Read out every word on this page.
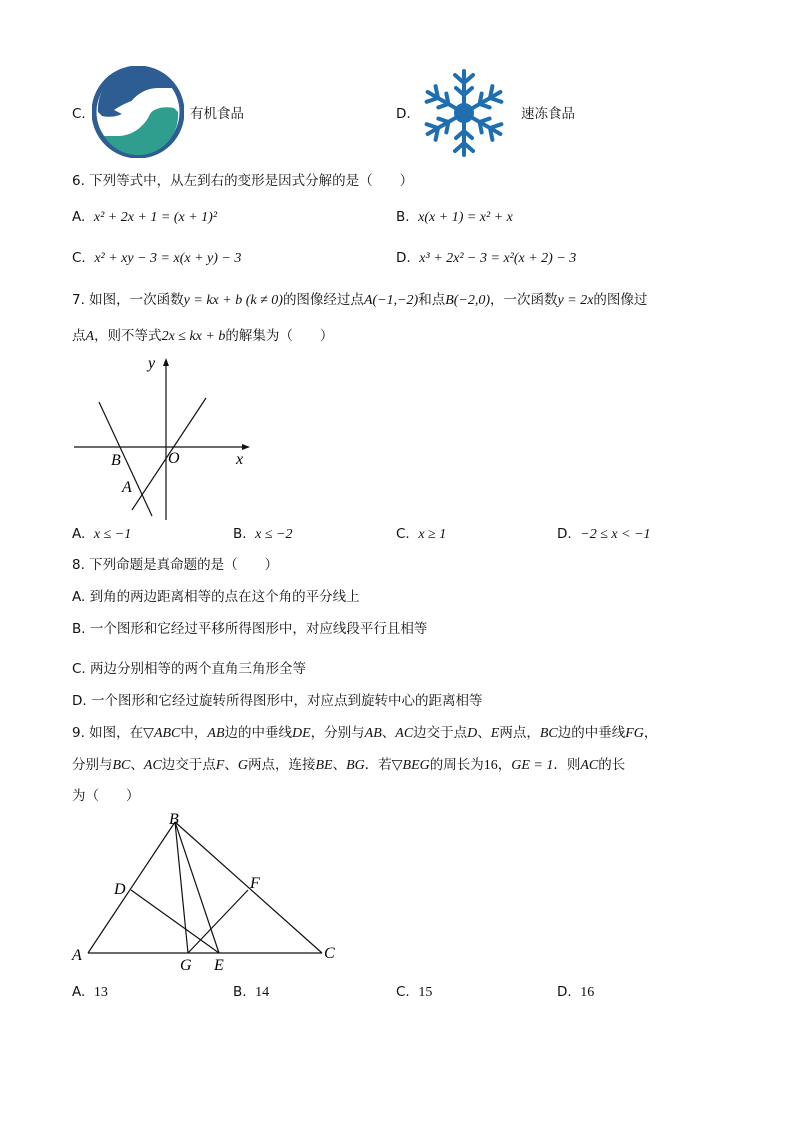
C.	有机食品	D.	速冻食品
6. 下列等式中，从左到右的变形是因式分解的是（　　）
A. x² + 2x + 1 = (x + 1)²	B. x(x + 1) = x² + x
C. x² + xy − 3 = x(x + y) − 3	D. x³ + 2x² − 3 = x²(x + 2) − 3
7. 如图，一次函数y = kx + b (k ≠ 0)的图像经过点A(−1,−2)和点B(−2,0)，一次函数y = 2x的图像过
点A，则不等式2x ≤ kx + b的解集为（　　）
y
x
O
B
A
A. x ≤ −1	B. x ≤ −2	C. x ≥ 1	D. −2 ≤ x < −1
8. 下列命题是真命题的是（　　）
A. 到角的两边距离相等的点在这个角的平分线上
B. 一个图形和它经过平移所得图形中，对应线段平行且相等
C. 两边分别相等的两个直角三角形全等
D. 一个图形和它经过旋转所得图形中，对应点到旋转中心的距离相等
9. 如图，在▽ABC中，AB边的中垂线DE，分别与AB、AC边交于点D、E两点，BC边的中垂线FG，
分别与BC、AC边交于点F、G两点，连接BE、BG．若▽BEG的周长为16，GE = 1．则AC的长
为（　　）
B
D	F
A
G E
C
A. 13	B. 14	C. 15	D. 16
